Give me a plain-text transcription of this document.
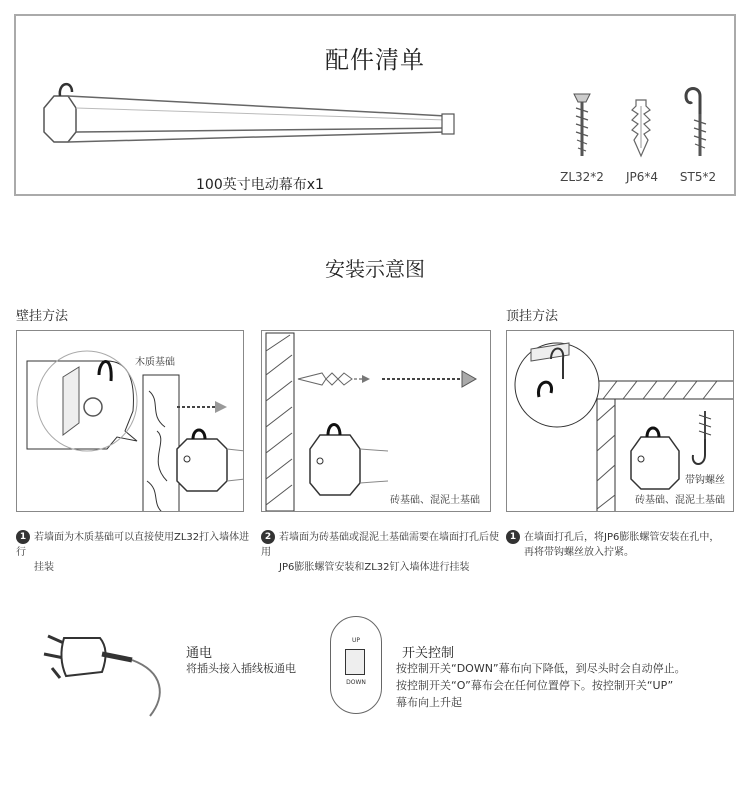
配件清单
100英寸电动幕布x1	ZL32*2	JP6*4	ST5*2
安装示意图
壁挂方法	顶挂方法
木质基础
砖基础、混泥土基础
带钩螺丝
砖基础、混泥土基础
1 若墙面为木质基础可以直接使用ZL32打入墙体进行
挂装
2 若墙面为砖基础或混泥土基础需要在墙面打孔后使用
JP6膨胀螺管安装和ZL32钉入墙体进行挂装
1 在墙面打孔后，将JP6膨胀螺管安装在孔中，
再将带钩螺丝放入拧紧。
通电
将插头接入插线板通电
UP
DOWN
开关控制
按控制开关“DOWN”幕布向下降低，到尽头时会自动停止。
按控制开关“O”幕布会在任何位置停下。按控制开关“UP”
幕布向上升起
